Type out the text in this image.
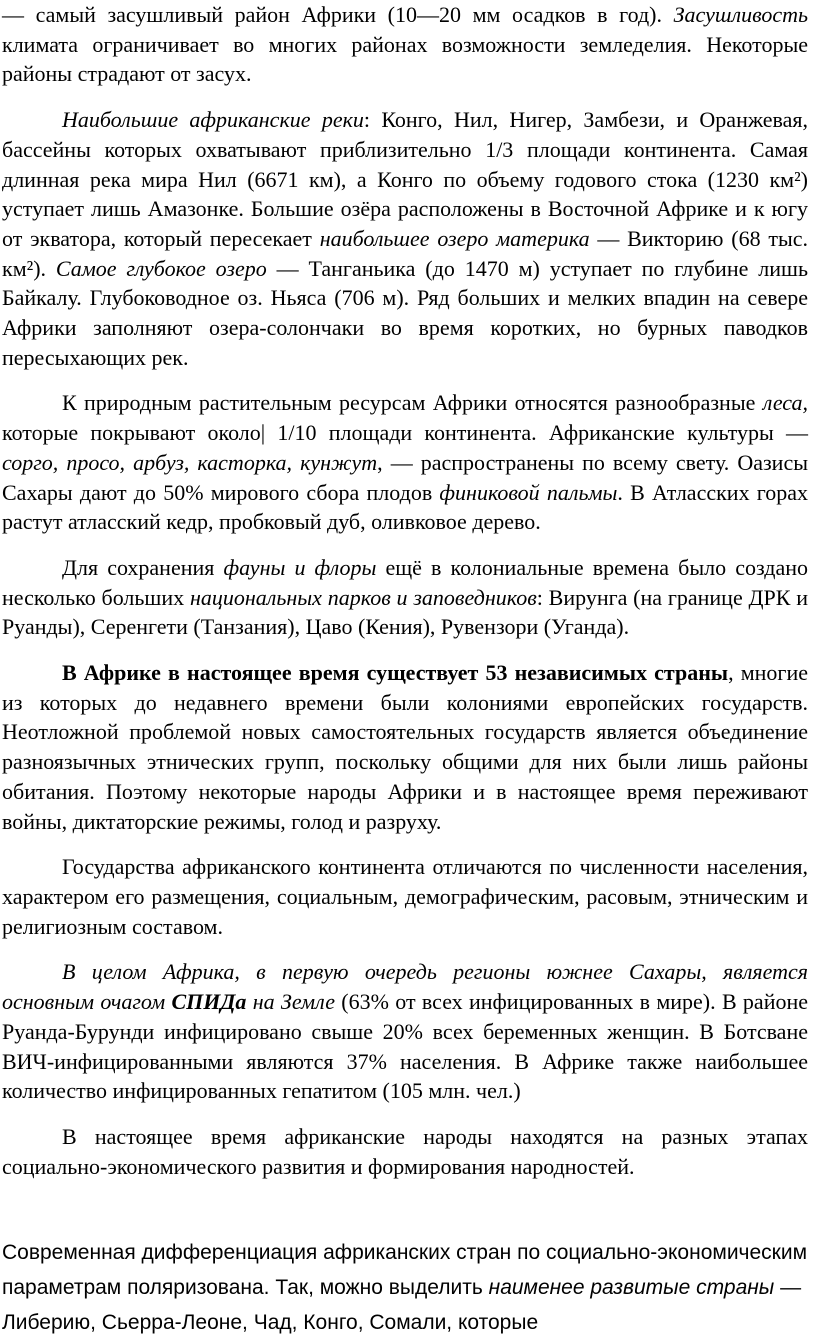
— самый засушливый район Африки (10—20 мм осадков в год). Засушливость климата ограничивает во многих районах возможности земледелия. Некоторые районы страдают от засух.

Наибольшие африканские реки: Конго, Нил, Нигер, Замбези, и Оранжевая, бассейны которых охватывают приблизительно 1/3 площади континента. Самая длинная река мира Нил (6671 км), а Конго по объему годового стока (1230 км²) уступает лишь Амазонке. Большие озёра расположены в Восточной Африке и к югу от экватора, который пересекает наибольшее озеро материка — Викторию (68 тыс. км²). Самое глубокое озеро — Танганьика (до 1470 м) уступает по глубине лишь Байкалу. Глубоководное оз. Ньяса (706 м). Ряд больших и мелких впадин на севере Африки заполняют озера-солончаки во время коротких, но бурных паводков пересыхающих рек.

К природным растительным ресурсам Африки относятся разнообразные леса, которые покрывают около| 1/10 площади континента. Африканские культуры — сорго, просо, арбуз, касторка, кунжут, — распространены по всему свету. Оазисы Сахары дают до 50% мирового сбора плодов финиковой пальмы. В Атласских горах растут атласский кедр, пробковый дуб, оливковое дерево.

Для сохранения фауны и флоры ещё в колониальные времена было создано несколько больших национальных парков и заповедников: Вирунга (на границе ДРК и Руанды), Серенгети (Танзания), Цаво (Кения), Рувензори (Уганда).

В Африке в настоящее время существует 53 независимых страны, многие из которых до недавнего времени были колониями европейских государств. Неотложной проблемой новых самостоятельных государств является объединение разноязычных этнических групп, поскольку общими для них были лишь районы обитания. Поэтому некоторые народы Африки и в настоящее время переживают войны, диктаторские режимы, голод и разруху.

Государства африканского континента отличаются по численности населения, характером его размещения, социальным, демографическим, расовым, этническим и религиозным составом.

В целом Африка, в первую очередь регионы южнее Сахары, является основным очагом СПИДа на Земле (63% от всех инфицированных в мире). В районе Руанда-Бурунди инфицировано свыше 20% всех беременных женщин. В Ботсване ВИЧ-инфицированными являются 37% населения. В Африке также наибольшее количество инфицированных гепатитом (105 млн. чел.)

В настоящее время африканские народы находятся на разных этапах социально-экономического развития и формирования народностей.

Современная дифференциация африканских стран по социально-экономическим параметрам поляризована. Так, можно выделить наименее развитые страны — Либерию, Сьерра-Леоне, Чад, Конго, Сомали, которые
